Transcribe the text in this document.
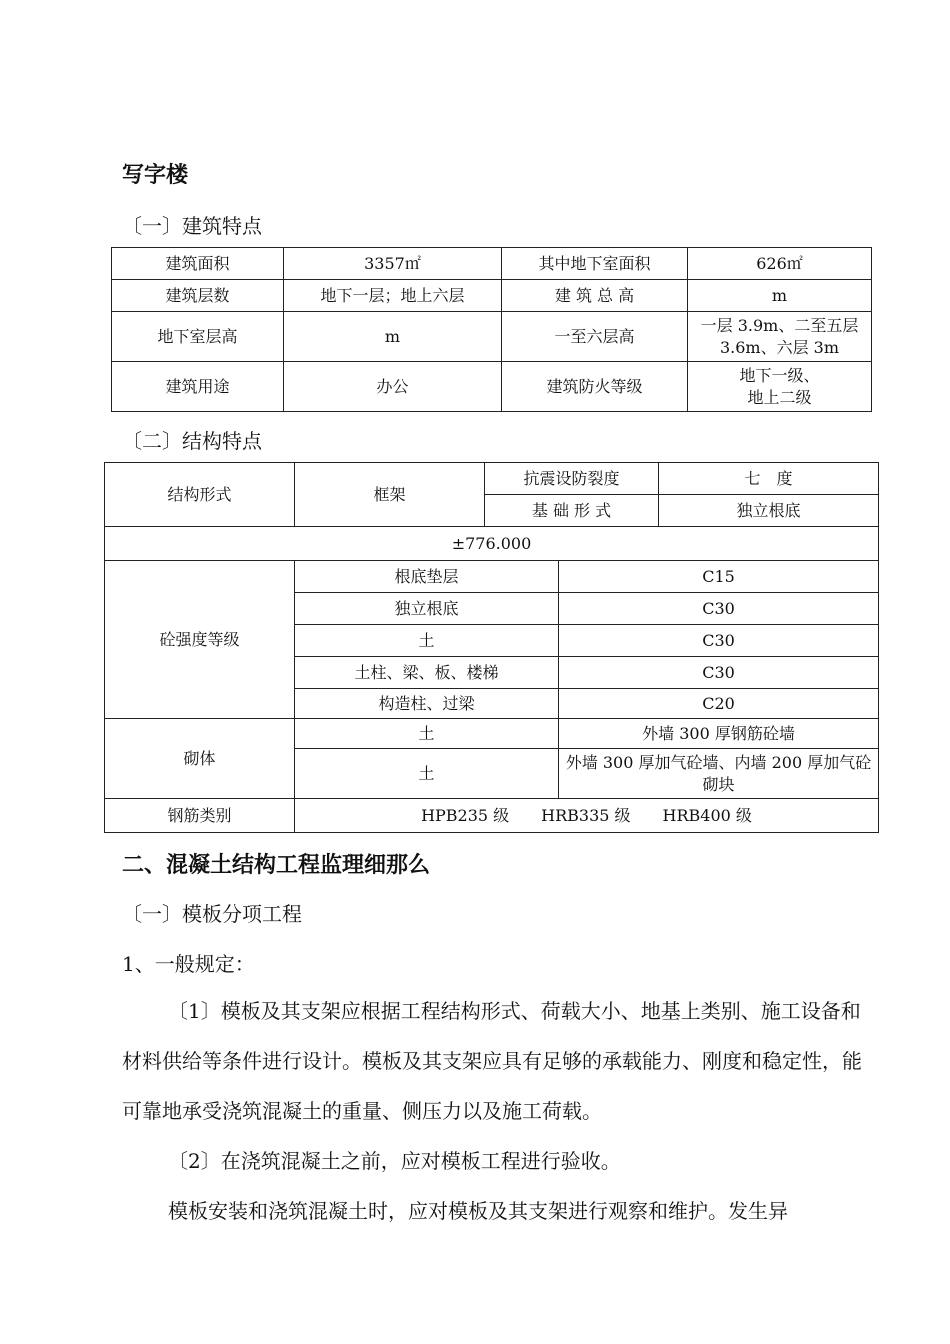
写字楼
〔一〕建筑特点
建筑面积	3357㎡	其中地下室面积	626㎡
建筑层数	地下一层；地上六层	建 筑 总 高	m
地下室层高	m	一至六层高	一层 3.9m、二至五层 3.6m、六层 3m
建筑用途	办公	建筑防火等级	地下一级、
地上二级
〔二〕结构特点
结构形式	框架	抗震设防裂度		七　度
		基 础 形 式		独立根底
±776.000				
砼强度等级	根底垫层		C15	
	独立根底		C30	
	土		C30	
	土柱、梁、板、楼梯		C30	
	构造柱、过梁		C20	
砌体	土		外墙 300 厚钢筋砼墙	
	土		外墙 300 厚加气砼墙、内墙 200 厚加气砼砌块	
钢筋类别	HPB235 级　　HRB335 级　　HRB400 级			
二、混凝土结构工程监理细那么
〔一〕模板分项工程
1、一般规定：

〔1〕模板及其支架应根据工程结构形式、荷载大小、地基上类别、施工设备和材料供给等条件进行设计。模板及其支架应具有足够的承载能力、刚度和稳定性，能可靠地承受浇筑混凝土的重量、侧压力以及施工荷载。

〔2〕在浇筑混凝土之前，应对模板工程进行验收。

模板安装和浇筑混凝土时，应对模板及其支架进行观察和维护。发生异
